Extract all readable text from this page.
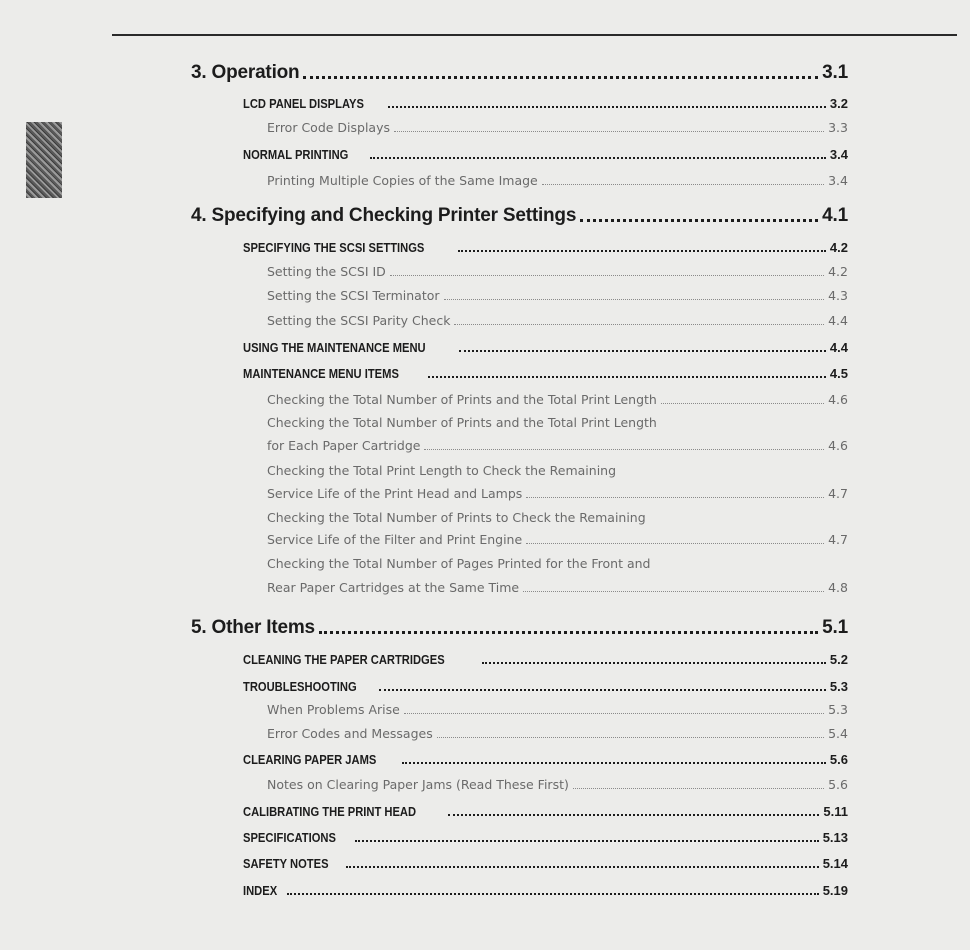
3. Operation	3.1
LCD PANEL DISPLAYS	3.2
Error Code Displays	3.3
NORMAL PRINTING	3.4
Printing Multiple Copies of the Same Image	3.4
4. Specifying and Checking Printer Settings	4.1
SPECIFYING THE SCSI SETTINGS	4.2
Setting the SCSI ID	4.2
Setting the SCSI Terminator	4.3
Setting the SCSI Parity Check	4.4
USING THE MAINTENANCE MENU	4.4
MAINTENANCE MENU ITEMS	4.5
Checking the Total Number of Prints and the Total Print Length	4.6
Checking the Total Number of Prints and the Total Print Length
for Each Paper Cartridge	4.6
Checking the Total Print Length to Check the Remaining
Service Life of the Print Head and Lamps	4.7
Checking the Total Number of Prints to Check the Remaining
Service Life of the Filter and Print Engine	4.7
Checking the Total Number of Pages Printed for the Front and
Rear Paper Cartridges at the Same Time	4.8
5. Other Items	5.1
CLEANING THE PAPER CARTRIDGES	5.2
TROUBLESHOOTING	5.3
When Problems Arise	5.3
Error Codes and Messages	5.4
CLEARING PAPER JAMS	5.6
Notes on Clearing Paper Jams (Read These First)	5.6
CALIBRATING THE PRINT HEAD	5.11
SPECIFICATIONS	5.13
SAFETY NOTES	5.14
INDEX	5.19
